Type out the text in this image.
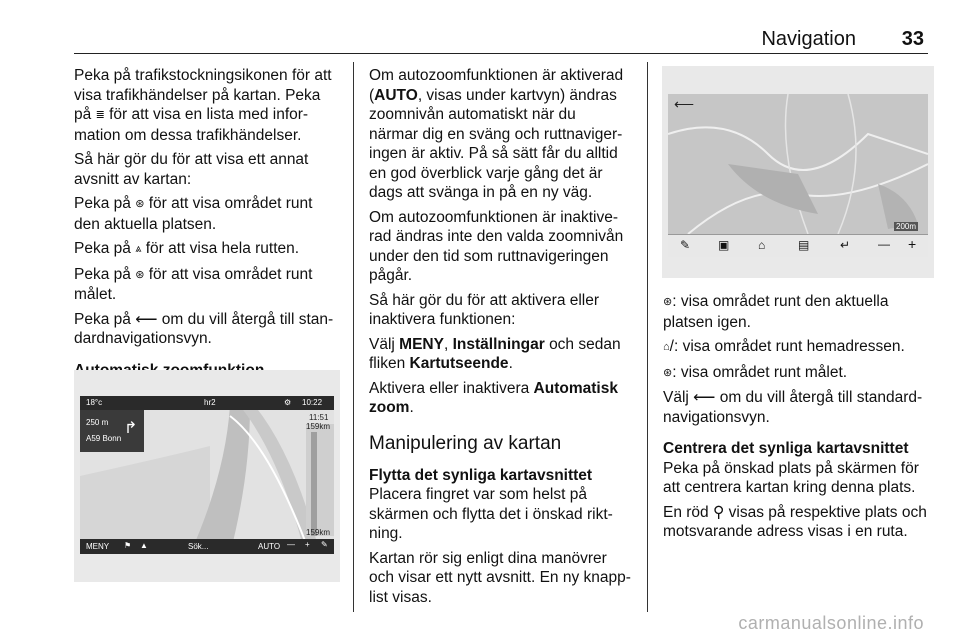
Navigation 33

Peka på trafikstockningsikonen för att
visa trafikhändelser på kartan. Peka
på ≣ för att visa en lista med infor-
mation om dessa trafikhändelser.

Så här gör du för att visa ett annat
avsnitt av kartan:

Peka på ⊛ för att visa området runt
den aktuella platsen.

Peka på ⩓ för att visa hela rutten.

Peka på ⊛ för att visa området runt
målet.

Peka på ⟵ om du vill återgå till stan-
dardnavigationsvyn.

18°c	hr2	10:22
⚙
250 m
A59 Bonn
↱
11:51
159km
159km
MENY ⚑ ▲	Sök...	AUTO — + ✎

Om autozoomfunktionen är aktiverad
(AUTO, visas under kartvyn) ändras
zoomnivån automatiskt när du
närmar dig en sväng och ruttnaviger-
ingen är aktiv. På så sätt får du alltid
en god överblick varje gång det är
dags att svänga in på en ny väg.

Om autozoomfunktionen är inaktive-
rad ändras inte den valda zoomnivån
under den tid som ruttnavigeringen
pågår.

Så här gör du för att aktivera eller
inaktivera funktionen:

Välj MENY, Inställningar och sedan
fliken Kartutseende.

Aktivera eller inaktivera Automatisk
zoom.

Manipulering av kartan

Flytta det synliga kartavsnittet

Placera fingret var som helst på
skärmen och flytta det i önskad rikt-
ning.

Kartan rör sig enligt dina manövrer
och visar ett nytt avsnitt. En ny knapp-
list visas.

⟵
200m
✎ ▣ ⌂	▤	↵ — +

⊛: visa området runt den aktuella
platsen igen.

⌂/: visa området runt hemadressen.

⊛: visa området runt målet.

Välj ⟵ om du vill återgå till standard-
navigationsvyn.

Centrera det synliga kartavsnittet

Peka på önskad plats på skärmen för
att centrera kartan kring denna plats.

En röd ⚲ visas på respektive plats och
motsvarande adress visas i en ruta.

carmanualsonline.info
